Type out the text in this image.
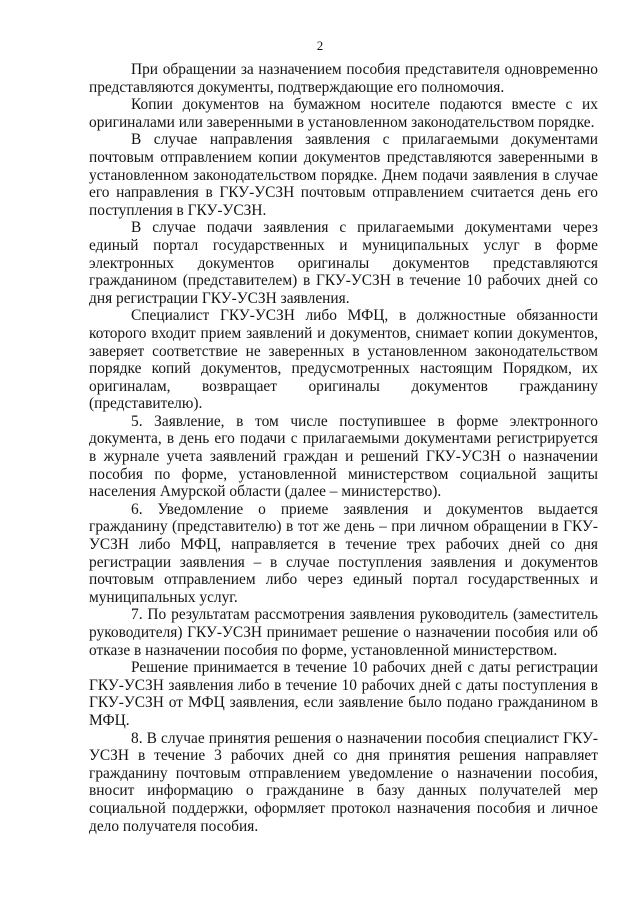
2

При обращении за назначением пособия представителя одновременно представляются документы, подтверждающие его полномочия.

Копии документов на бумажном носителе подаются вместе с их оригиналами или заверенными в установленном законодательством порядке.

В случае направления заявления с прилагаемыми документами почтовым отправлением копии документов представляются заверенными в установленном законодательством порядке. Днем подачи заявления в случае его направления в ГКУ-УСЗН почтовым отправлением считается день его поступления в ГКУ-УСЗН.

В случае подачи заявления с прилагаемыми документами через единый портал государственных и муниципальных услуг в форме электронных документов оригиналы документов представляются гражданином (представителем) в ГКУ-УСЗН в течение 10 рабочих дней со дня регистрации ГКУ-УСЗН заявления.

Специалист ГКУ-УСЗН либо МФЦ, в должностные обязанности которого входит прием заявлений и документов, снимает копии документов, заверяет соответствие не заверенных в установленном законодательством порядке копий документов, предусмотренных настоящим Порядком, их оригиналам, возвращает оригиналы документов гражданину (представителю).

5. Заявление, в том числе поступившее в форме электронного документа, в день его подачи с прилагаемыми документами регистрируется в журнале учета заявлений граждан и решений ГКУ-УСЗН о назначении пособия по форме, установленной министерством социальной защиты населения Амурской области (далее – министерство).

6. Уведомление о приеме заявления и документов выдается гражданину (представителю) в тот же день – при личном обращении в ГКУ-УСЗН либо МФЦ, направляется в течение трех рабочих дней со дня регистрации заявления – в случае поступления заявления и документов почтовым отправлением либо через единый портал государственных и муниципальных услуг.

7. По результатам рассмотрения заявления руководитель (заместитель руководителя) ГКУ-УСЗН принимает решение о назначении пособия или об отказе в назначении пособия по форме, установленной министерством.

Решение принимается в течение 10 рабочих дней с даты регистрации ГКУ-УСЗН заявления либо в течение 10 рабочих дней с даты поступления в ГКУ-УСЗН от МФЦ заявления, если заявление было подано гражданином в МФЦ.

8. В случае принятия решения о назначении пособия специалист ГКУ-УСЗН в течение 3 рабочих дней со дня принятия решения направляет гражданину почтовым отправлением уведомление о назначении пособия, вносит информацию о гражданине в базу данных получателей мер социальной поддержки, оформляет протокол назначения пособия и личное дело получателя пособия.
